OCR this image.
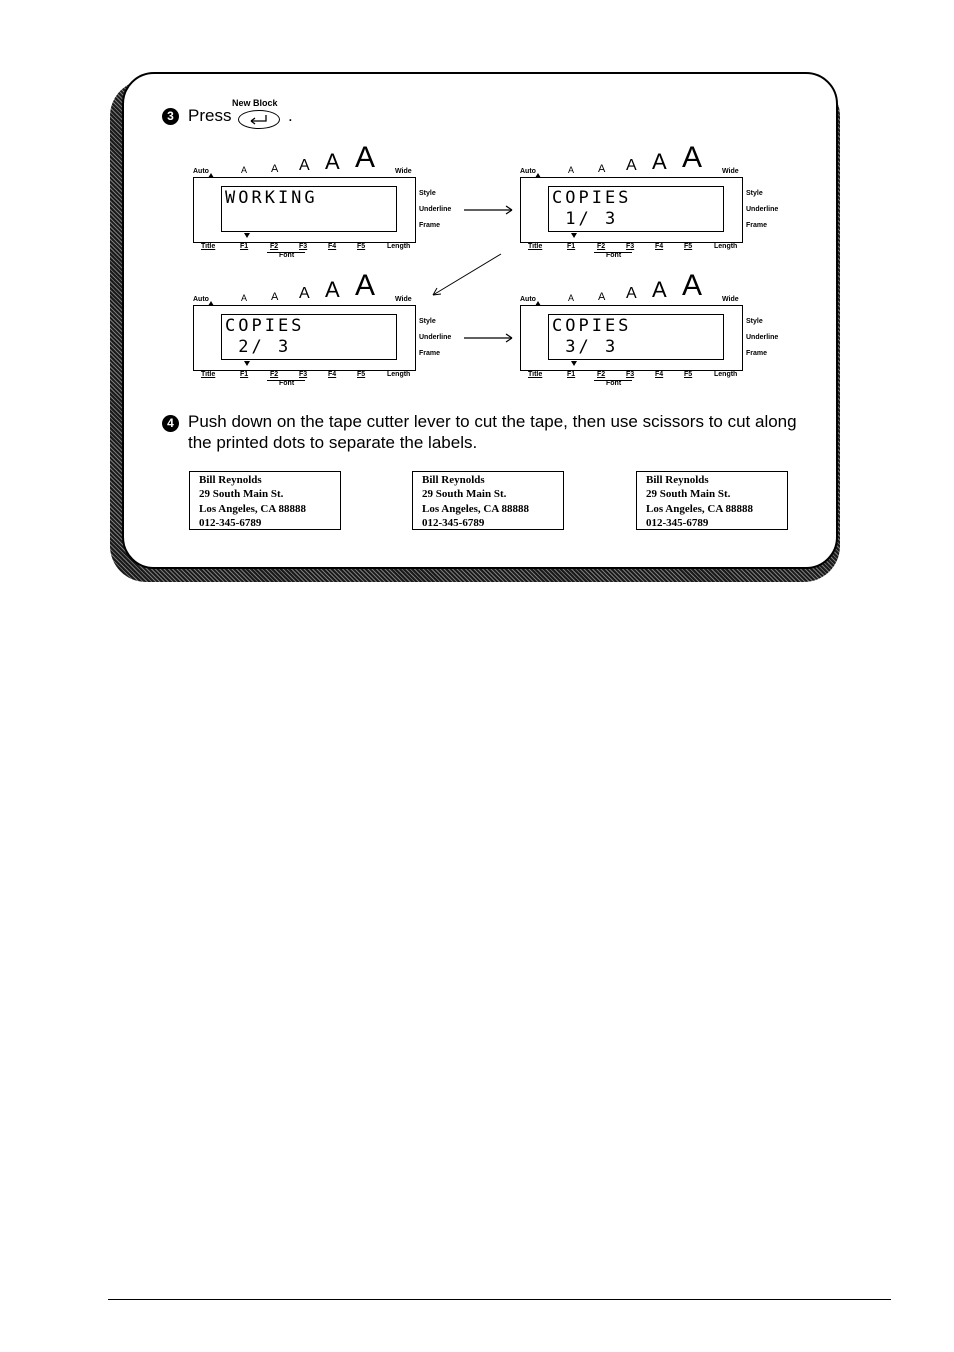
3 Press
New Block
.
Auto	A A A A A	Wide
WORKING	Style
Underline
Frame
Title	F1	F2	F3	F4	F5	Length
Font
Auto	A A A A A	Wide
COPIES
1/ 3
Style
Underline
Frame
Title	F1	F2	F3	F4	F5	Length
Font
Auto	A A A A A	Wide
COPIES
2/ 3
Style
Underline
Frame
Title	F1	F2	F3	F4	F5	Length
Font
Auto	A A A A A	Wide
COPIES
3/ 3
Style
Underline
Frame
Title	F1	F2	F3	F4	F5	Length
Font
4 Push down on the tape cutter lever to cut the tape, then use scissors to cut along
the printed dots to separate the labels.
Bill Reynolds
29 South Main St.
Los Angeles, CA 88888
012-345-6789
Bill Reynolds
29 South Main St.
Los Angeles, CA 88888
012-345-6789
Bill Reynolds
29 South Main St.
Los Angeles, CA 88888
012-345-6789
